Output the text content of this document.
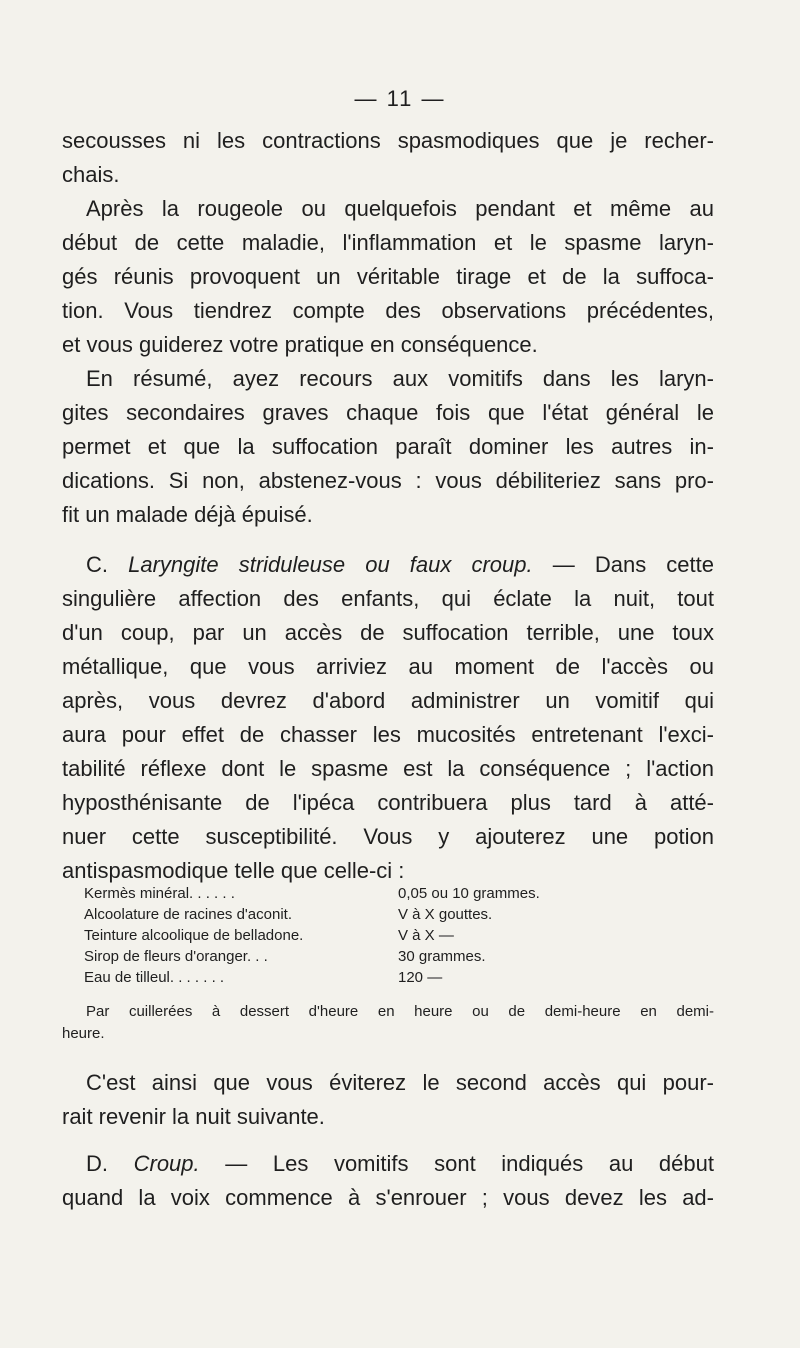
— 11 —
secousses ni les contractions spasmodiques que je recher-
chais.
Après la rougeole ou quelquefois pendant et même au
début de cette maladie, l'inflammation et le spasme laryn-
gés réunis provoquent un véritable tirage et de la suffoca-
tion. Vous tiendrez compte des observations précédentes,
et vous guiderez votre pratique en conséquence.
En résumé, ayez recours aux vomitifs dans les laryn-
gites secondaires graves chaque fois que l'état général le
permet et que la suffocation paraît dominer les autres in-
dications. Si non, abstenez-vous : vous débiliteriez sans pro-
fit un malade déjà épuisé.
C. Laryngite striduleuse ou faux croup. — Dans cette
singulière affection des enfants, qui éclate la nuit, tout
d'un coup, par un accès de suffocation terrible, une toux
métallique, que vous arriviez au moment de l'accès ou
après, vous devrez d'abord administrer un vomitif qui
aura pour effet de chasser les mucosités entretenant l'exci-
tabilité réflexe dont le spasme est la conséquence ; l'action
hyposthénisante de l'ipéca contribuera plus tard à atté-
nuer cette susceptibilité. Vous y ajouterez une potion
antispasmodique telle que celle-ci :
Kermès minéral. . . . . .	0,05 ou 10 grammes.
Alcoolature de racines d'aconit.	V à X gouttes.
Teinture alcoolique de belladone.	V à X —
Sirop de fleurs d'oranger. . .	30 grammes.
Eau de tilleul. . . . . . .	120 —
Par cuillerées à dessert d'heure en heure ou de demi-heure en demi-
heure.
C'est ainsi que vous éviterez le second accès qui pour-
rait revenir la nuit suivante.
D. Croup. — Les vomitifs sont indiqués au début
quand la voix commence à s'enrouer ; vous devez les ad-
